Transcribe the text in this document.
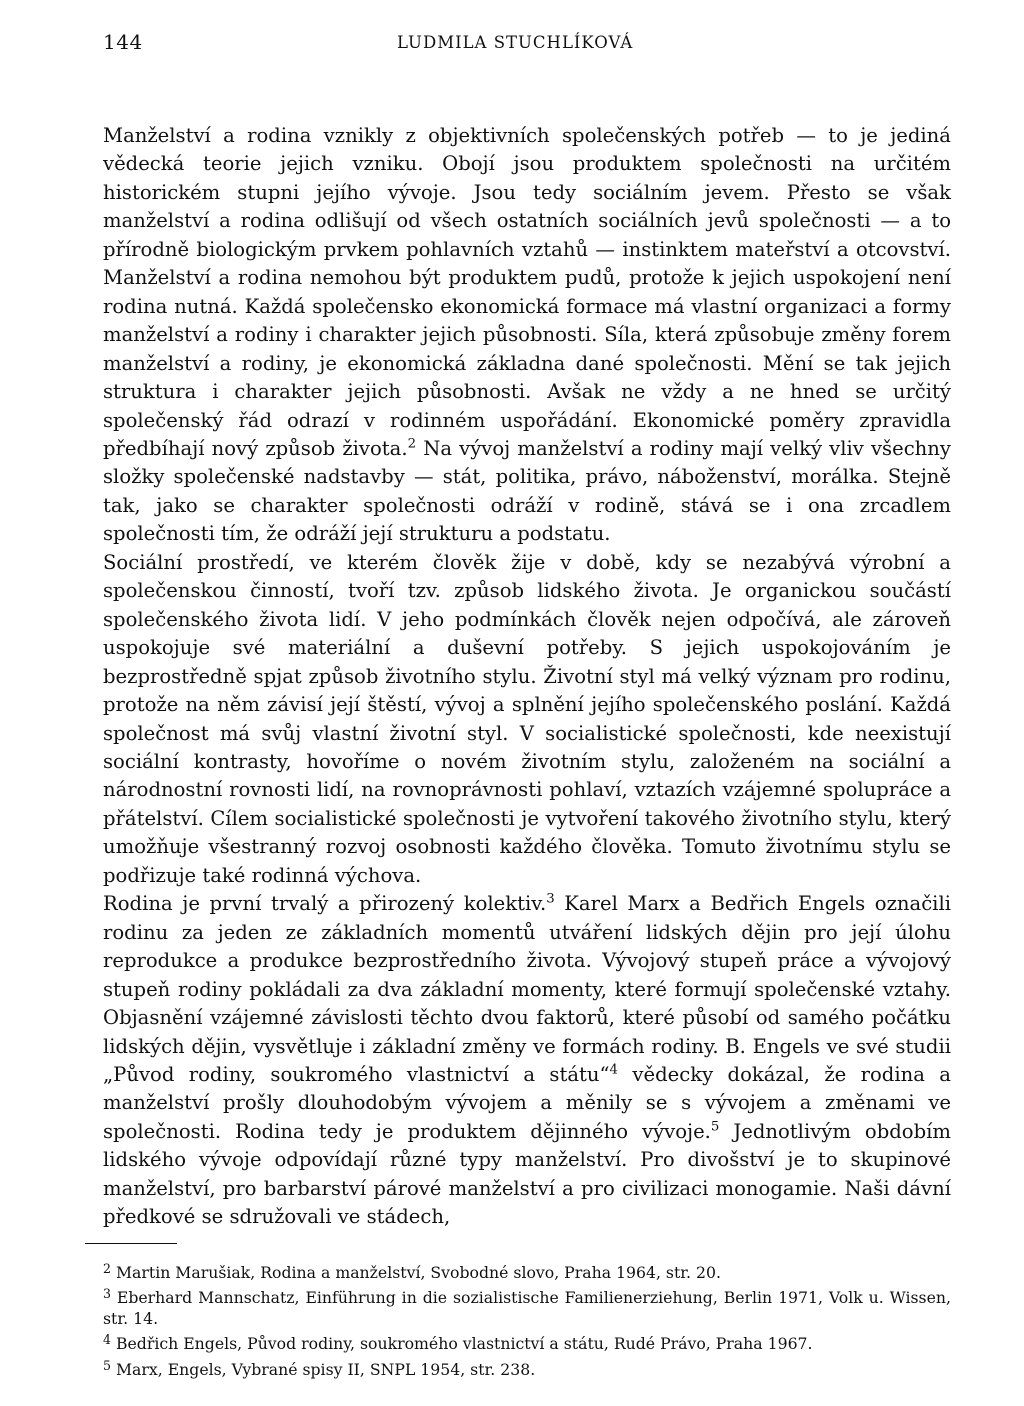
144	LUDMILA STUCHLÍKOVÁ

Manželství a rodina vznikly z objektivních společenských potřeb — to je jediná vědecká teorie jejich vzniku. Obojí jsou produktem společnosti na určitém historickém stupni jejího vývoje. Jsou tedy sociálním jevem. Přesto se však manželství a rodina odlišují od všech ostatních sociálních jevů společnosti — a to přírodně biologickým prvkem pohlavních vztahů — instinktem mateřství a otcovství. Manželství a rodina nemohou být produktem pudů, protože k jejich uspokojení není rodina nutná. Každá společensko ekonomická formace má vlastní organizaci a formy manželství a rodiny i charakter jejich působnosti. Síla, která způsobuje změny forem manželství a rodiny, je ekonomická základna dané společnosti. Mění se tak jejich struktura i charakter jejich působnosti. Avšak ne vždy a ne hned se určitý společenský řád odrazí v rodinném uspořádání. Ekonomické poměry zpravidla předbíhají nový způsob života.$^2$ Na vývoj manželství a rodiny mají velký vliv všechny složky společenské nadstavby — stát, politika, právo, náboženství, morálka. Stejně tak, jako se charakter společnosti odráží v rodině, stává se i ona zrcadlem společnosti tím, že odráží její strukturu a podstatu.

Sociální prostředí, ve kterém člověk žije v době, kdy se nezabývá výrobní a společenskou činností, tvoří tzv. způsob lidského života. Je organickou součástí společenského života lidí. V jeho podmínkách člověk nejen odpočívá, ale zároveň uspokojuje své materiální a duševní potřeby. S jejich uspokojováním je bezprostředně spjat způsob životního stylu. Životní styl má velký význam pro rodinu, protože na něm závisí její štěstí, vývoj a splnění jejího společenského poslání. Každá společnost má svůj vlastní životní styl. V socialistické společnosti, kde neexistují sociální kontrasty, hovoříme o novém životním stylu, založeném na sociální a národnostní rovnosti lidí, na rovnoprávnosti pohlaví, vztazích vzájemné spolupráce a přátelství. Cílem socialistické společnosti je vytvoření takového životního stylu, který umožňuje všestranný rozvoj osobnosti každého člověka. Tomuto životnímu stylu se podřizuje také rodinná výchova.

Rodina je první trvalý a přirozený kolektiv.$^3$ Karel Marx a Bedřich Engels označili rodinu za jeden ze základních momentů utváření lidských dějin pro její úlohu reprodukce a produkce bezprostředního života. Vývojový stupeň práce a vývojový stupeň rodiny pokládali za dva základní momenty, které formují společenské vztahy. Objasnění vzájemné závislosti těchto dvou faktorů, které působí od samého počátku lidských dějin, vysvětluje i základní změny ve formách rodiny. B. Engels ve své studii „Původ rodiny, soukromého vlastnictví a státu“$^4$ vědecky dokázal, že rodina a manželství prošly dlouhodobým vývojem a měnily se s vývojem a změnami ve společnosti. Rodina tedy je produktem dějinného vývoje.$^5$ Jednotlivým obdobím lidského vývoje odpovídají různé typy manželství. Pro divošství je to skupinové manželství, pro barbarství párové manželství a pro civilizaci monogamie. Naši dávní předkové se sdružovali ve stádech,

$^2$ Martin Marušiak, Rodina a manželství, Svobodné slovo, Praha 1964, str. 20.

$^3$ Eberhard Mannschatz, Einführung in die sozialistische Familienerziehung, Berlin 1971, Volk u. Wissen, str. 14.

$^4$ Bedřich Engels, Původ rodiny, soukromého vlastnictví a státu, Rudé Právo, Praha 1967.

$^5$ Marx, Engels, Vybrané spisy II, SNPL 1954, str. 238.
